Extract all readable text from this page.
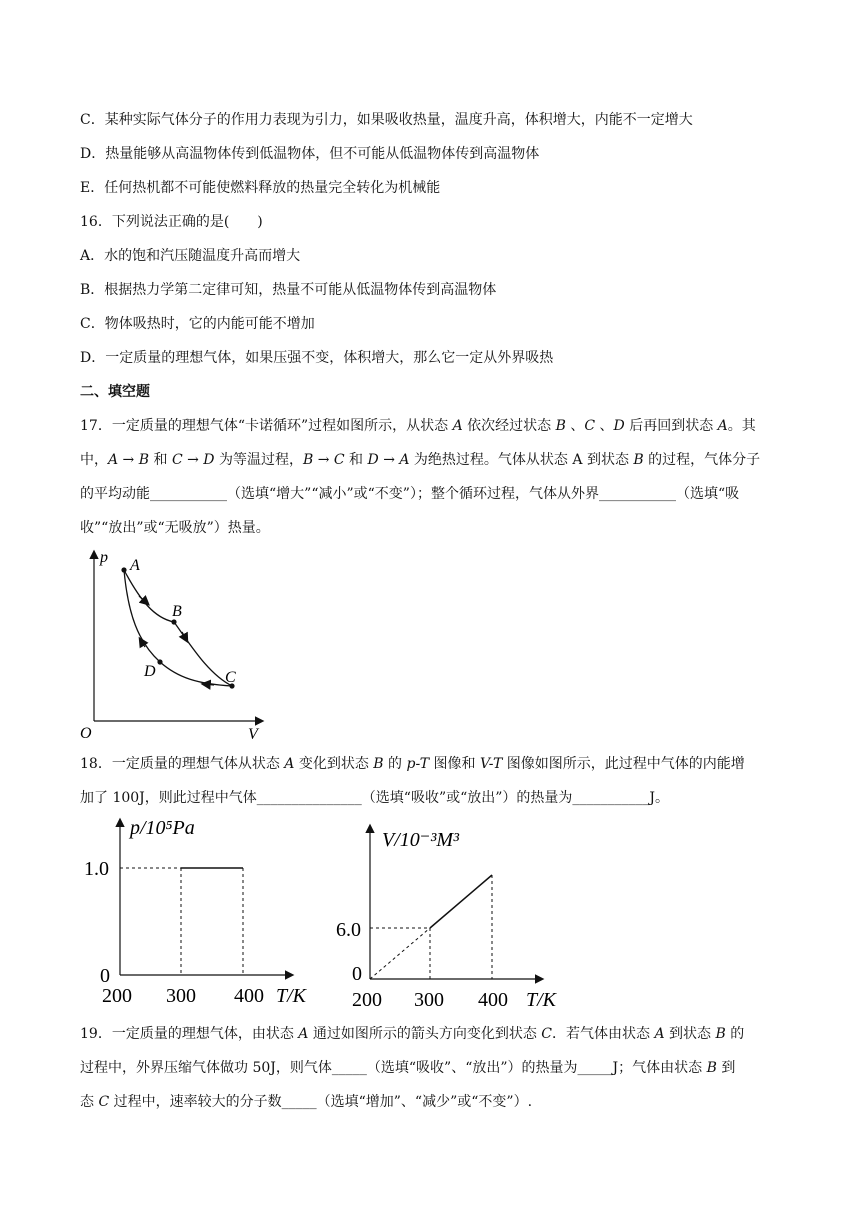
C．某种实际气体分子的作用力表现为引力，如果吸收热量，温度升高，体积增大，内能不一定增大
D．热量能够从高温物体传到低温物体，但不可能从低温物体传到高温物体
E．任何热机都不可能使燃料释放的热量完全转化为机械能
16．下列说法正确的是(　　)
A．水的饱和汽压随温度升高而增大
B．根据热力学第二定律可知，热量不可能从低温物体传到高温物体
C．物体吸热时，它的内能可能不增加
D．一定质量的理想气体，如果压强不变，体积增大，那么它一定从外界吸热
二、填空题
17．一定质量的理想气体“卡诺循环”过程如图所示，从状态 A 依次经过状态 B 、C 、D 后再回到状态 A。其
中，A → B 和 C → D 为等温过程，B → C 和 D → A 为绝热过程。气体从状态 A 到状态 B 的过程，气体分子
的平均动能___________（选填“增大”“减小”或“不变”）；整个循环过程，气体从外界___________（选填“吸
收”“放出”或“无吸放”）热量。
p
V
O
A
B
C
D
18．一定质量的理想气体从状态 A 变化到状态 B 的 p-T 图像和 V-T 图像如图所示，此过程中气体的内能增
加了 100J，则此过程中气体_______________（选填“吸收”或“放出”）的热量为___________J。
p/10⁵Pa
1.0
0
200 300 400 T/K
V/10⁻³M³
6.0
0
200 300 400 T/K
19．一定质量的理想气体，由状态 A 通过如图所示的箭头方向变化到状态 C．若气体由状态 A 到状态 B 的
过程中，外界压缩气体做功 50J，则气体_____（选填“吸收”、“放出”）的热量为_____J；气体由状态 B 到
态 C 过程中，速率较大的分子数_____（选填“增加”、“减少”或“不变”）.
